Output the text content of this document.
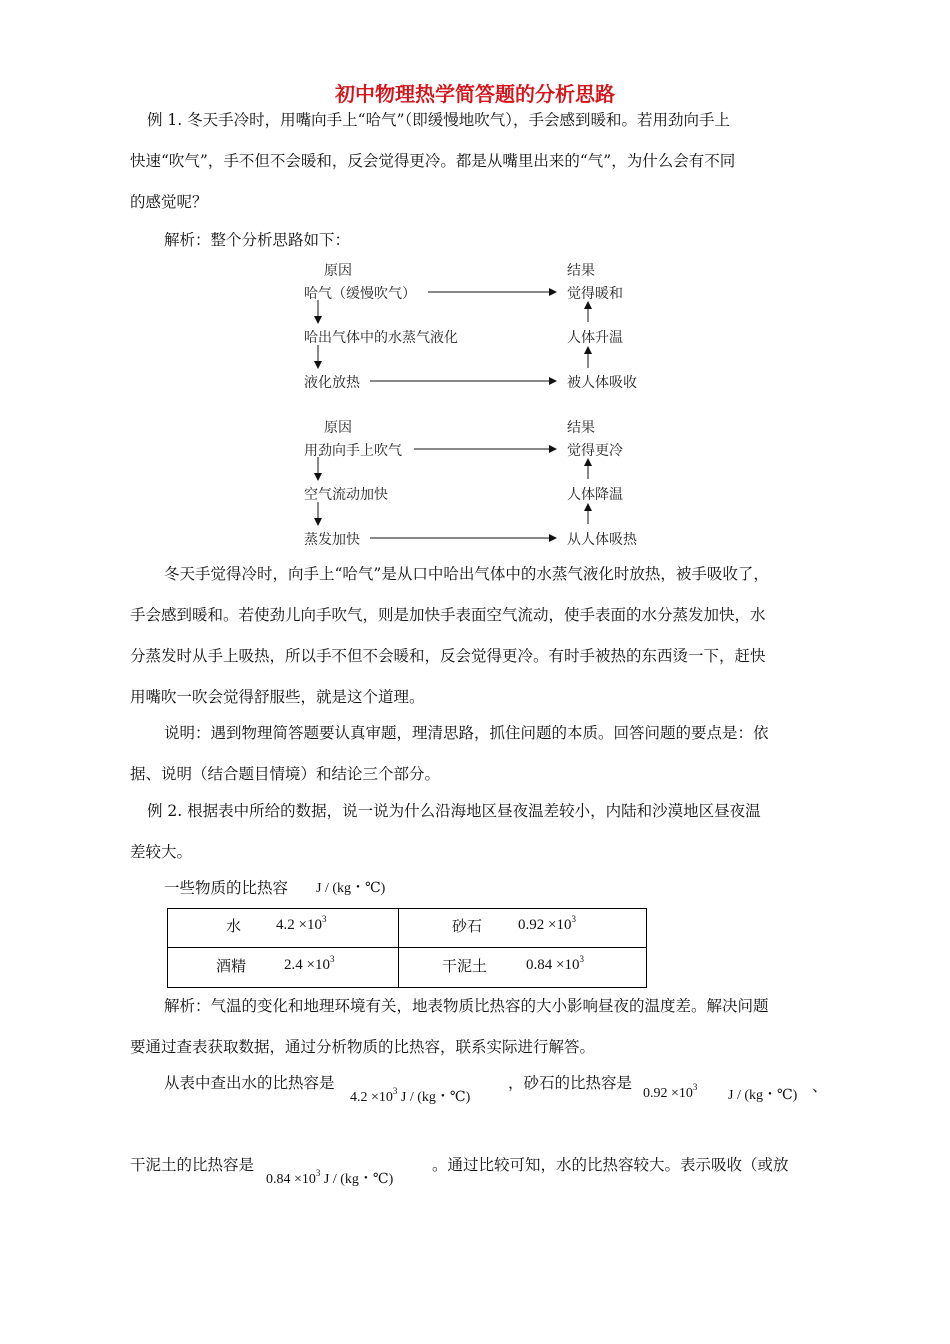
初中物理热学简答题的分析思路
例 1. 冬天手冷时，用嘴向手上“哈气”（即缓慢地吹气），手会感到暖和。若用劲向手上
快速“吹气”，手不但不会暖和，反会觉得更冷。都是从嘴里出来的“气”，为什么会有不同
的感觉呢？
解析：整个分析思路如下：
原因	结果
哈气（缓慢吹气）	觉得暖和
哈出气体中的水蒸气液化	人体升温
液化放热	被人体吸收
原因	结果
用劲向手上吹气	觉得更冷
空气流动加快	人体降温
蒸发加快	从人体吸热
冬天手觉得冷时，向手上“哈气”是从口中哈出气体中的水蒸气液化时放热，被手吸收了，
手会感到暖和。若使劲儿向手吹气，则是加快手表面空气流动，使手表面的水分蒸发加快，水
分蒸发时从手上吸热，所以手不但不会暖和，反会觉得更冷。有时手被热的东西烫一下，赶快
用嘴吹一吹会觉得舒服些，就是这个道理。
说明：遇到物理简答题要认真审题，理清思路，抓住问题的本质。回答问题的要点是：依
据、说明（结合题目情境）和结论三个部分。
例 2. 根据表中所给的数据，说一说为什么沿海地区昼夜温差较小，内陆和沙漠地区昼夜温
差较大。
一些物质的比热容 J / (kg・℃)
水 $4.2 \times 10^3$	砂石 $0.92 \times 10^3$
酒精	$2.4 \times 10^3$	干泥土	$0.84 \times 10^3$
解析：气温的变化和地理环境有关，地表物质比热容的大小影响昼夜的温度差。解决问题
要通过查表获取数据，通过分析物质的比热容，联系实际进行解答。
从表中查出水的比热容是
$4.2 \times 10^3$ J / (kg・℃)
，砂石的比热容是
$0.92 \times 10^3$
J / (kg・℃)
、
干泥土的比热容是
$0.84 \times 10^3$ J / (kg・℃)
。通过比较可知，水的比热容较大。表示吸收（或放
